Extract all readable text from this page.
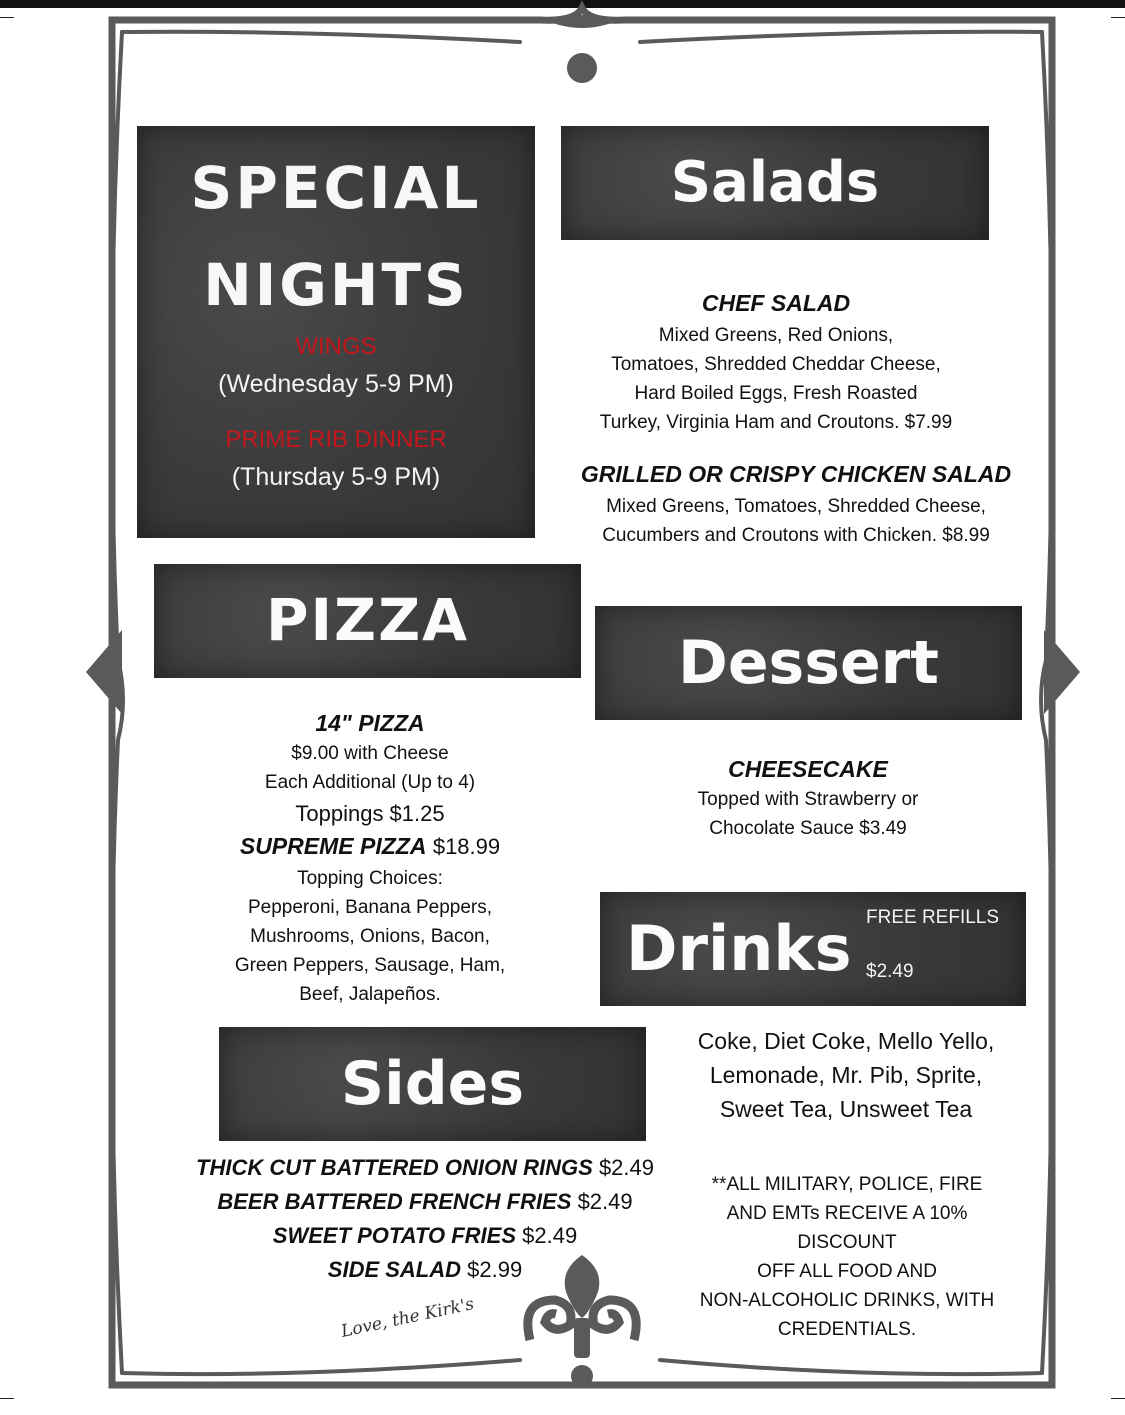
SPECIAL
NIGHTS
WINGS
(Wednesday 5-9 PM)
PRIME RIB DINNER
(Thursday 5-9 PM)
Salads
CHEF SALAD
Mixed Greens, Red Onions,
Tomatoes, Shredded Cheddar Cheese,
Hard Boiled Eggs, Fresh Roasted
Turkey, Virginia Ham and Croutons. $7.99
GRILLED OR CRISPY CHICKEN SALAD
Mixed Greens, Tomatoes, Shredded Cheese,
Cucumbers and Croutons with Chicken. $8.99
PIZZA
14" PIZZA
$9.00 with Cheese
Each Additional (Up to 4)
Toppings $1.25
SUPREME PIZZA $18.99
Topping Choices:
Pepperoni, Banana Peppers,
Mushrooms, Onions, Bacon,
Green Peppers, Sausage, Ham,
Beef, Jalapeños.
Dessert
CHEESECAKE
Topped with Strawberry or
Chocolate Sauce $3.49
Drinks FREE REFILLS
$2.49
Coke, Diet Coke, Mello Yello,
Lemonade, Mr. Pib, Sprite,
Sweet Tea, Unsweet Tea
Sides
THICK CUT BATTERED ONION RINGS $2.49
BEER BATTERED FRENCH FRIES $2.49
SWEET POTATO FRIES $2.49
SIDE SALAD $2.99
Love, the Kirk's
**ALL MILITARY, POLICE, FIRE
AND EMTs RECEIVE A 10%
DISCOUNT
OFF ALL FOOD AND
NON-ALCOHOLIC DRINKS, WITH
CREDENTIALS.
